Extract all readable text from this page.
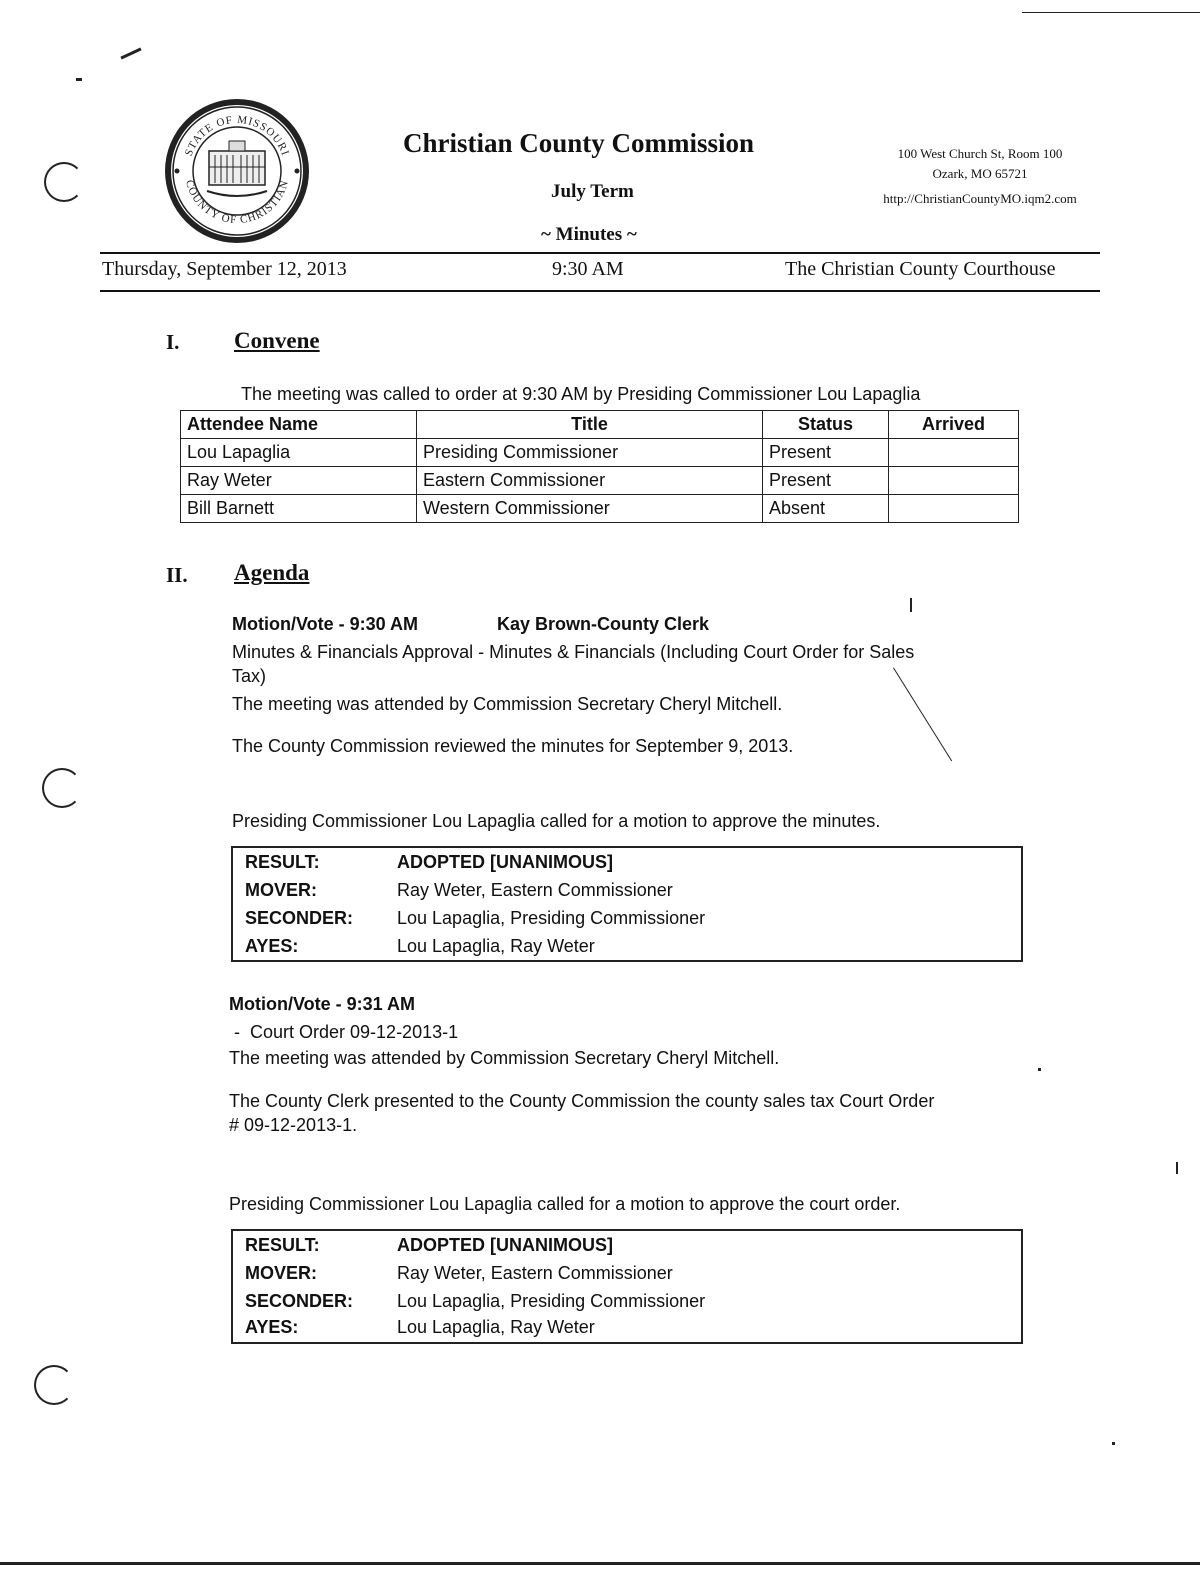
STATE OF MISSOURI
COUNTY OF CHRISTIAN
Christian County Commission
July Term
~ Minutes ~
100 West Church St, Room 100
Ozark, MO 65721
http://ChristianCountyMO.iqm2.com
Thursday, September 12, 2013	9:30 AM	The Christian County Courthouse
I. Convene
The meeting was called to order at 9:30 AM by Presiding Commissioner Lou Lapaglia
Attendee Name	Title	Status	Arrived
Lou Lapaglia	Presiding Commissioner	Present	
Ray Weter	Eastern Commissioner	Present	
Bill Barnett	Western Commissioner	Absent	
II. Agenda
Motion/Vote - 9:30 AM	Kay Brown-County Clerk
Minutes & Financials Approval - Minutes & Financials (Including Court Order for Sales
Tax)
The meeting was attended by Commission Secretary Cheryl Mitchell.
The County Commission reviewed the minutes for September 9, 2013.
Presiding Commissioner Lou Lapaglia called for a motion to approve the minutes.
RESULT:	ADOPTED [UNANIMOUS]
MOVER:	Ray Weter, Eastern Commissioner
SECONDER: Lou Lapaglia, Presiding Commissioner
AYES:	Lou Lapaglia, Ray Weter
Motion/Vote - 9:31 AM
-  Court Order 09-12-2013-1
The meeting was attended by Commission Secretary Cheryl Mitchell.
The County Clerk presented to the County Commission the county sales tax Court Order
# 09-12-2013-1.
Presiding Commissioner Lou Lapaglia called for a motion to approve the court order.
RESULT:	ADOPTED [UNANIMOUS]
MOVER:	Ray Weter, Eastern Commissioner
SECONDER: Lou Lapaglia, Presiding Commissioner
AYES:	Lou Lapaglia, Ray Weter
